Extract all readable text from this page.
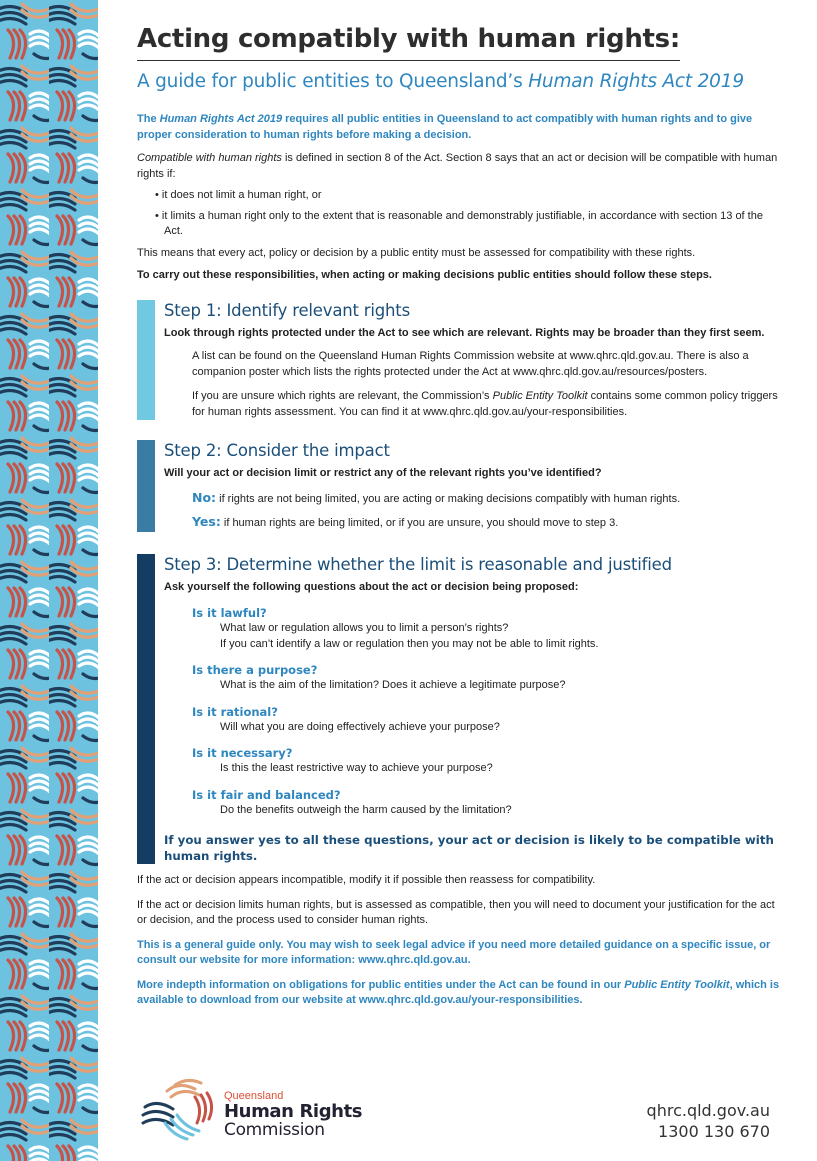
Acting compatibly with human rights:
A guide for public entities to Queensland’s Human Rights Act 2019

The Human Rights Act 2019 requires all public entities in Queensland to act compatibly with human rights and to give proper consideration to human rights before making a decision.

Compatible with human rights is defined in section 8 of the Act. Section 8 says that an act or decision will be compatible with human rights if:

• it does not limit a human right, or
• it limits a human right only to the extent that is reasonable and demonstrably justifiable, in accordance with section 13 of the Act.

This means that every act, policy or decision by a public entity must be assessed for compatibility with these rights.

To carry out these responsibilities, when acting or making decisions public entities should follow these steps.

Step 1: Identify relevant rights
Look through rights protected under the Act to see which are relevant. Rights may be broader than they first seem.
A list can be found on the Queensland Human Rights Commission website at www.qhrc.qld.gov.au. There is also a companion poster which lists the rights protected under the Act at www.qhrc.qld.gov.au/resources/posters.
If you are unsure which rights are relevant, the Commission’s Public Entity Toolkit contains some common policy triggers for human rights assessment. You can find it at www.qhrc.qld.gov.au/your-responsibilities.
Step 2: Consider the impact
Will your act or decision limit or restrict any of the relevant rights you’ve identified?
No: if rights are not being limited, you are acting or making decisions compatibly with human rights.
Yes: if human rights are being limited, or if you are unsure, you should move to step 3.
Step 3: Determine whether the limit is reasonable and justified
Ask yourself the following questions about the act or decision being proposed:
Is it lawful?
What law or regulation allows you to limit a person’s rights?
If you can’t identify a law or regulation then you may not be able to limit rights.
Is there a purpose?
What is the aim of the limitation? Does it achieve a legitimate purpose?
Is it rational?
Will what you are doing effectively achieve your purpose?
Is it necessary?
Is this the least restrictive way to achieve your purpose?
Is it fair and balanced?
Do the benefits outweigh the harm caused by the limitation?
If you answer yes to all these questions, your act or decision is likely to be compatible with human rights.

If the act or decision appears incompatible, modify it if possible then reassess for compatibility.

If the act or decision limits human rights, but is assessed as compatible, then you will need to document your justification for the act or decision, and the process used to consider human rights.

This is a general guide only. You may wish to seek legal advice if you need more detailed guidance on a specific issue, or consult our website for more information: www.qhrc.qld.gov.au.

More indepth information on obligations for public entities under the Act can be found in our Public Entity Toolkit, which is available to download from our website at www.qhrc.qld.gov.au/your-responsibilities.

Queensland
Human Rights
Commission
qhrc.qld.gov.au
1300 130 670
